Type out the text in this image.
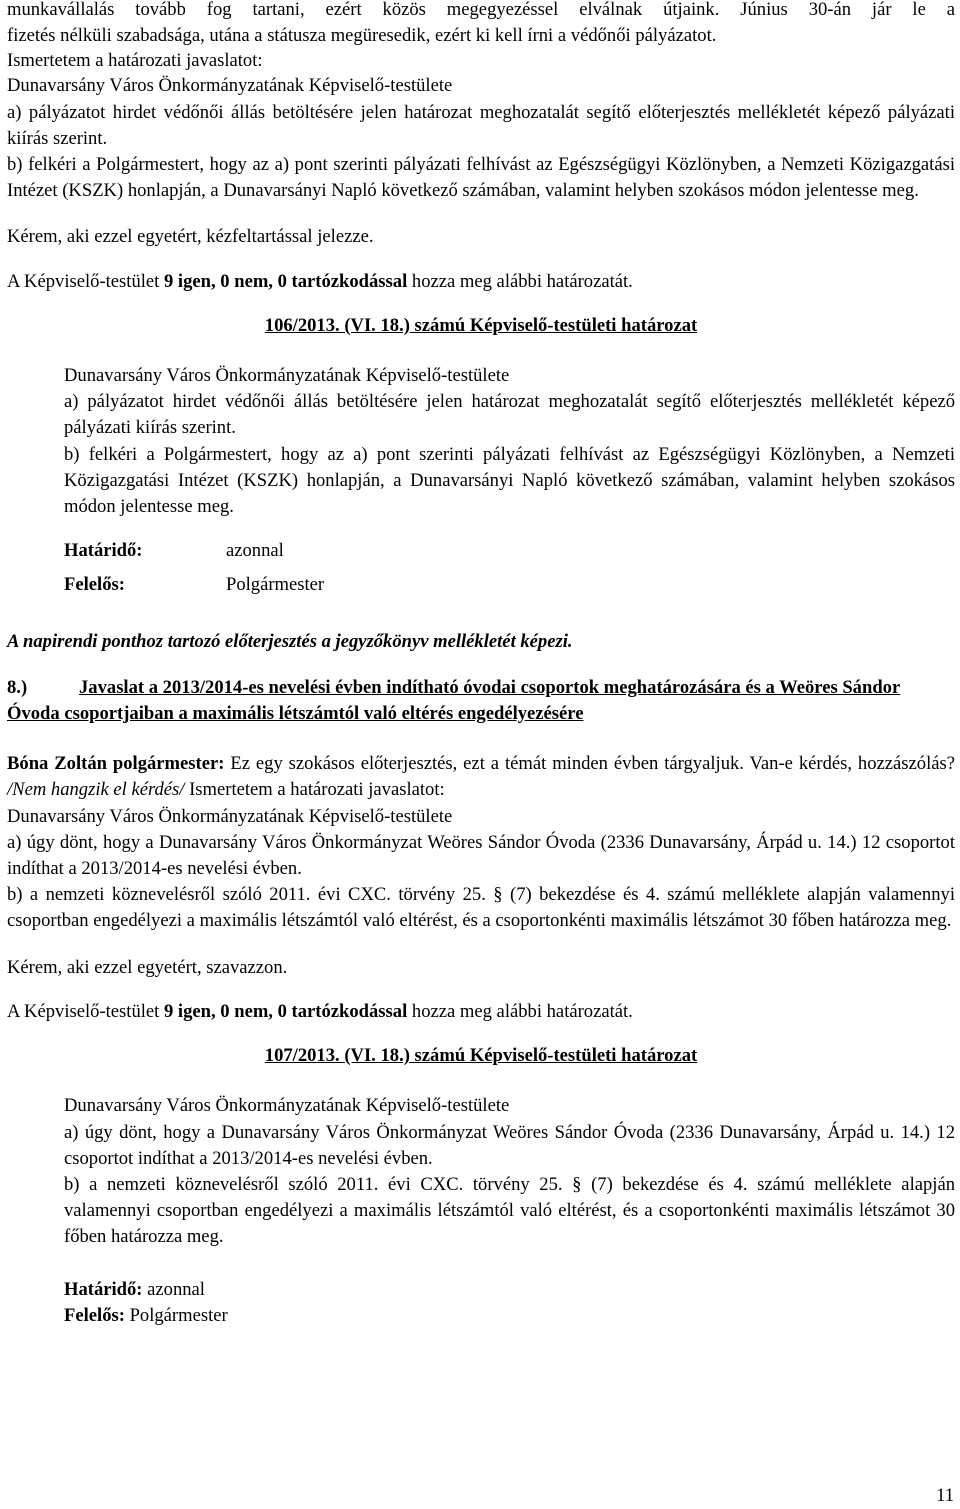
munkavállalás tovább fog tartani, ezért közös megegyezéssel elválnak útjaink. Június 30-án jár le a

fizetés nélküli szabadsága, utána a státusza megüresedik, ezért ki kell írni a védőnői pályázatot.

Ismertetem a határozati javaslatot:

Dunavarsány Város Önkormányzatának Képviselő-testülete

a) pályázatot hirdet védőnői állás betöltésére jelen határozat meghozatalát segítő előterjesztés mellékletét képező pályázati kiírás szerint.

b) felkéri a Polgármestert, hogy az a) pont szerinti pályázati felhívást az Egészségügyi Közlönyben, a Nemzeti Közigazgatási Intézet (KSZK) honlapján, a Dunavarsányi Napló következő számában, valamint helyben szokásos módon jelentesse meg.

Kérem, aki ezzel egyetért, kézfeltartással jelezze.

A Képviselő-testület 9 igen, 0 nem, 0 tartózkodással hozza meg alábbi határozatát.

106/2013. (VI. 18.) számú Képviselő-testületi határozat

Dunavarsány Város Önkormányzatának Képviselő-testülete

a) pályázatot hirdet védőnői állás betöltésére jelen határozat meghozatalát segítő előterjesztés mellékletét képező pályázati kiírás szerint.

b) felkéri a Polgármestert, hogy az a) pont szerinti pályázati felhívást az Egészségügyi Közlönyben, a Nemzeti Közigazgatási Intézet (KSZK) honlapján, a Dunavarsányi Napló következő számában, valamint helyben szokásos módon jelentesse meg.

Határidő:	azonnal
Felelős:	Polgármester

A napirendi ponthoz tartozó előterjesztés a jegyzőkönyv mellékletét képezi.

8.)	Javaslat a 2013/2014-es nevelési évben indítható óvodai csoportok meghatározására és a Weöres Sándor Óvoda csoportjaiban a maximális létszámtól való eltérés engedélyezésére

Bóna Zoltán polgármester: Ez egy szokásos előterjesztés, ezt a témát minden évben tárgyaljuk. Van-e kérdés, hozzászólás? /Nem hangzik el kérdés/ Ismertetem a határozati javaslatot:

Dunavarsány Város Önkormányzatának Képviselő-testülete

a) úgy dönt, hogy a Dunavarsány Város Önkormányzat Weöres Sándor Óvoda (2336 Dunavarsány, Árpád u. 14.) 12 csoportot indíthat a 2013/2014-es nevelési évben.

b) a nemzeti köznevelésről szóló 2011. évi CXC. törvény 25. § (7) bekezdése és 4. számú melléklete alapján valamennyi csoportban engedélyezi a maximális létszámtól való eltérést, és a csoportonkénti maximális létszámot 30 főben határozza meg.

Kérem, aki ezzel egyetért, szavazzon.

A Képviselő-testület 9 igen, 0 nem, 0 tartózkodással hozza meg alábbi határozatát.

107/2013. (VI. 18.) számú Képviselő-testületi határozat

Dunavarsány Város Önkormányzatának Képviselő-testülete

a) úgy dönt, hogy a Dunavarsány Város Önkormányzat Weöres Sándor Óvoda (2336 Dunavarsány, Árpád u. 14.) 12 csoportot indíthat a 2013/2014-es nevelési évben.

b) a nemzeti köznevelésről szóló 2011. évi CXC. törvény 25. § (7) bekezdése és 4. számú melléklete alapján valamennyi csoportban engedélyezi a maximális létszámtól való eltérést, és a csoportonkénti maximális létszámot 30 főben határozza meg.

Határidő: azonnal
Felelős: Polgármester
11
